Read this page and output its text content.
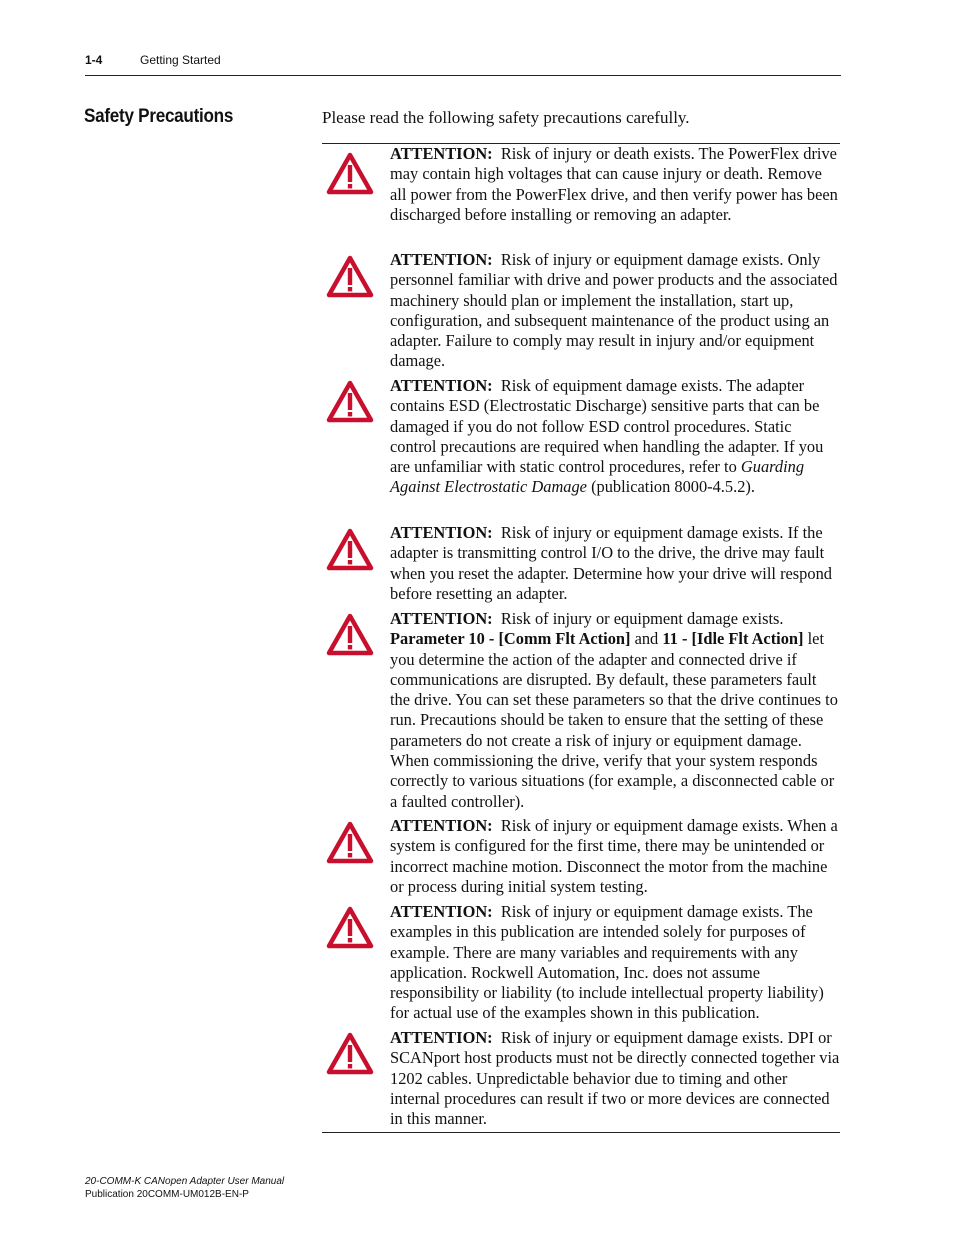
1-4	Getting Started
Safety Precautions	Please read the following safety precautions carefully.
ATTENTION: Risk of injury or death exists. The PowerFlex drive may contain high voltages that can cause injury or death. Remove all power from the PowerFlex drive, and then verify power has been discharged before installing or removing an adapter.
ATTENTION: Risk of injury or equipment damage exists. Only personnel familiar with drive and power products and the associated machinery should plan or implement the installation, start up, configuration, and subsequent maintenance of the product using an adapter. Failure to comply may result in injury and/or equipment damage.
ATTENTION: Risk of equipment damage exists. The adapter contains ESD (Electrostatic Discharge) sensitive parts that can be damaged if you do not follow ESD control procedures. Static control precautions are required when handling the adapter. If you are unfamiliar with static control procedures, refer to Guarding Against Electrostatic Damage (publication 8000-4.5.2).
ATTENTION: Risk of injury or equipment damage exists. If the adapter is transmitting control I/O to the drive, the drive may fault when you reset the adapter. Determine how your drive will respond before resetting an adapter.
ATTENTION: Risk of injury or equipment damage exists. Parameter 10 - [Comm Flt Action] and 11 - [Idle Flt Action] let you determine the action of the adapter and connected drive if communications are disrupted. By default, these parameters fault the drive. You can set these parameters so that the drive continues to run. Precautions should be taken to ensure that the setting of these parameters do not create a risk of injury or equipment damage. When commissioning the drive, verify that your system responds correctly to various situations (for example, a disconnected cable or a faulted controller).
ATTENTION: Risk of injury or equipment damage exists. When a system is configured for the first time, there may be unintended or incorrect machine motion. Disconnect the motor from the machine or process during initial system testing.
ATTENTION: Risk of injury or equipment damage exists. The examples in this publication are intended solely for purposes of example. There are many variables and requirements with any application. Rockwell Automation, Inc. does not assume responsibility or liability (to include intellectual property liability) for actual use of the examples shown in this publication.
ATTENTION: Risk of injury or equipment damage exists. DPI or SCANport host products must not be directly connected together via 1202 cables. Unpredictable behavior due to timing and other internal procedures can result if two or more devices are connected in this manner.
20-COMM-K CANopen Adapter User Manual
Publication 20COMM-UM012B-EN-P
